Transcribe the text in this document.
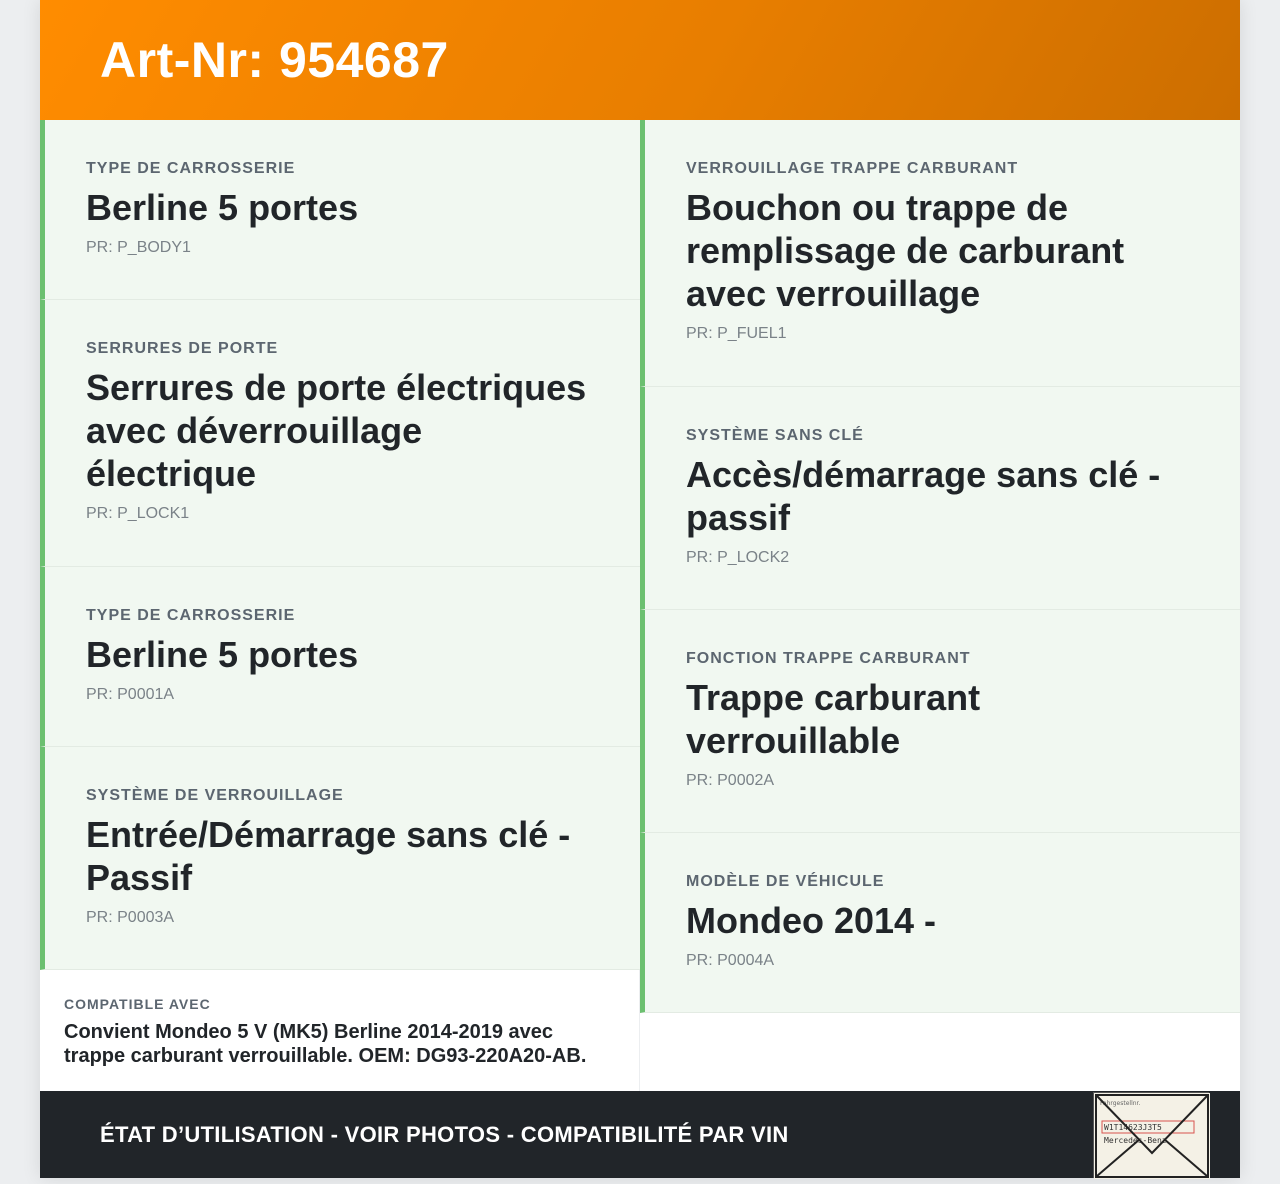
Art-Nr: 954687
TYPE DE CARROSSERIE
Berline 5 portes
PR: P_BODY1
SERRURES DE PORTE
Serrures de porte électriques avec déverrouillage électrique
PR: P_LOCK1
TYPE DE CARROSSERIE
Berline 5 portes
PR: P0001A
SYSTÈME DE VERROUILLAGE
Entrée/Démarrage sans clé - Passif
PR: P0003A
COMPATIBLE AVEC
Convient Mondeo 5 V (MK5) Berline 2014-2019 avec trappe carburant verrouillable. OEM: DG93-220A20-AB.
VERROUILLAGE TRAPPE CARBURANT
Bouchon ou trappe de remplissage de carburant avec verrouillage
PR: P_FUEL1
SYSTÈME SANS CLÉ
Accès/démarrage sans clé - passif
PR: P_LOCK2
FONCTION TRAPPE CARBURANT
Trappe carburant verrouillable
PR: P0002A
MODÈLE DE VÉHICULE
Mondeo 2014 -
PR: P0004A
ÉTAT D’UTILISATION - VOIR PHOTOS - COMPATIBILITÉ PAR VIN
Fahrgestellnr.
W1T14623J3T5
Mercedes-Benz
